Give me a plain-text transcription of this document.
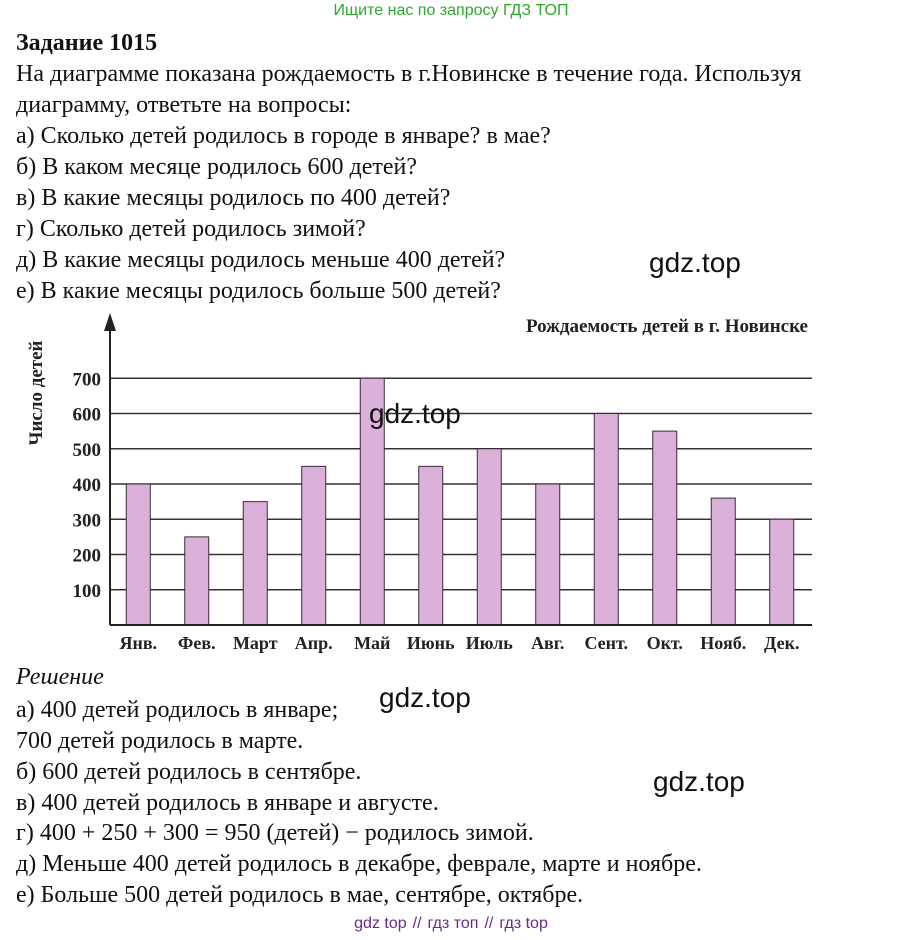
Ищите нас по запросу ГДЗ ТОП
Задание 1015
На диаграмме показана рождаемость в г.Новинске в течение года. Используя
диаграмму, ответьте на вопросы:
а) Сколько детей родилось в городе в январе? в мае?
б) В каком месяце родилось 600 детей?
в) В какие месяцы родилось по 400 детей?
г) Сколько детей родилось зимой?
д) В какие месяцы родилось меньше 400 детей?
е) В какие месяцы родилось больше 500 детей?
100
200
300
400
500
600
700
Янв. Фев. Март Апр. Май Июнь Июль Авг. Сент. Окт. Нояб. Дек.
Рождаемость детей в г. Новинске
Число детей
Решение
а) 400 детей родилось в январе;
700 детей родилось в марте.
б) 600 детей родилось в сентябре.
в) 400 детей родилось в январе и августе.
г) 400 + 250 + 300 = 950 (детей) − родилось зимой.
д) Меньше 400 детей родилось в декабре, феврале, марте и ноябре.
е) Больше 500 детей родилось в мае, сентябре, октябре.
gdz.top
gdz.top
gdz.top
gdz.top
gdz top // гдз топ // гдз top
